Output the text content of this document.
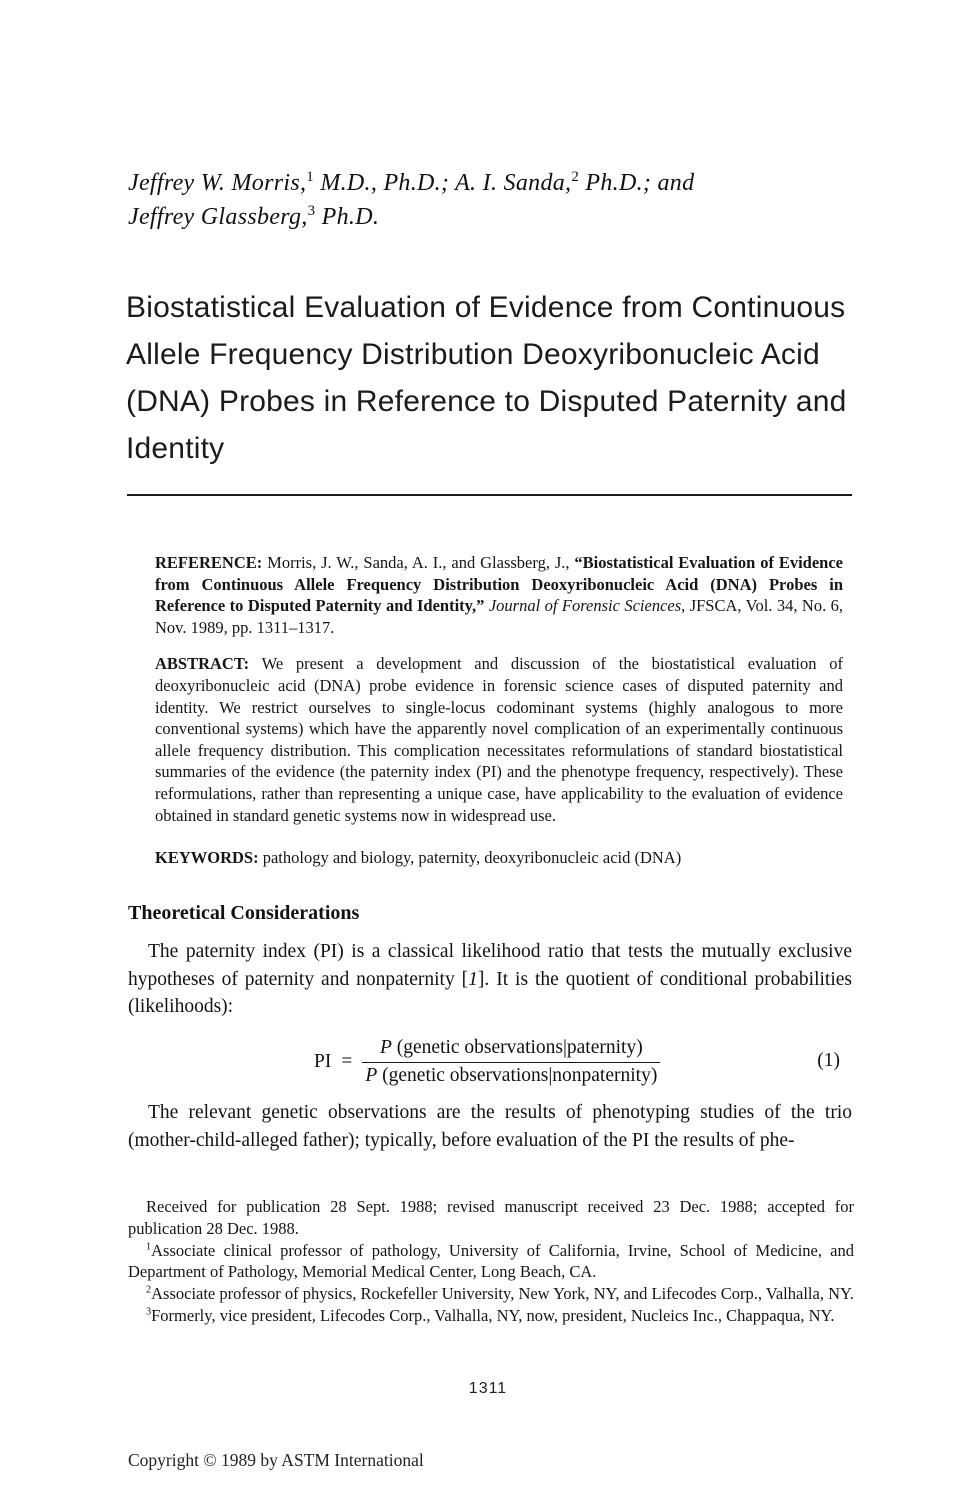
Jeffrey W. Morris,$^1$ M.D., Ph.D.; A. I. Sanda,$^2$ Ph.D.; and
Jeffrey Glassberg,$^3$ Ph.D.
Biostatistical Evaluation of Evidence from Continuous
Allele Frequency Distribution Deoxyribonucleic Acid
(DNA) Probes in Reference to Disputed Paternity and
Identity

REFERENCE: Morris, J. W., Sanda, A. I., and Glassberg, J., “Biostatistical Evaluation of Evidence from Continuous Allele Frequency Distribution Deoxyribonucleic Acid (DNA) Probes in Reference to Disputed Paternity and Identity,” Journal of Forensic Sciences, JFSCA, Vol. 34, No. 6, Nov. 1989, pp. 1311–1317.

ABSTRACT: We present a development and discussion of the biostatistical evaluation of deoxyribonucleic acid (DNA) probe evidence in forensic science cases of disputed paternity and identity. We restrict ourselves to single-locus codominant systems (highly analogous to more conventional systems) which have the apparently novel complication of an experimentally continuous allele frequency distribution. This complication necessitates reformulations of standard biostatistical summaries of the evidence (the paternity index (PI) and the phenotype frequency, respectively). These reformulations, rather than representing a unique case, have applicability to the evaluation of evidence obtained in standard genetic systems now in widespread use.

KEYWORDS: pathology and biology, paternity, deoxyribonucleic acid (DNA)

Theoretical Considerations

The paternity index (PI) is a classical likelihood ratio that tests the mutually exclusive hypotheses of paternity and nonpaternity [1]. It is the quotient of conditional probabilities (likelihoods):

PI = $\frac{\text{P (genetic observations|paternity)}}{\text{P (genetic observations|nonpaternity)}}$	(1)

The relevant genetic observations are the results of phenotyping studies of the trio (mother-child-alleged father); typically, before evaluation of the PI the results of phe-

Received for publication 28 Sept. 1988; revised manuscript received 23 Dec. 1988; accepted for publication 28 Dec. 1988.

$^1$Associate clinical professor of pathology, University of California, Irvine, School of Medicine, and Department of Pathology, Memorial Medical Center, Long Beach, CA.

$^2$Associate professor of physics, Rockefeller University, New York, NY, and Lifecodes Corp., Valhalla, NY.

$^3$Formerly, vice president, Lifecodes Corp., Valhalla, NY, now, president, Nucleics Inc., Chappaqua, NY.

1311
Copyright © 1989 by ASTM International
